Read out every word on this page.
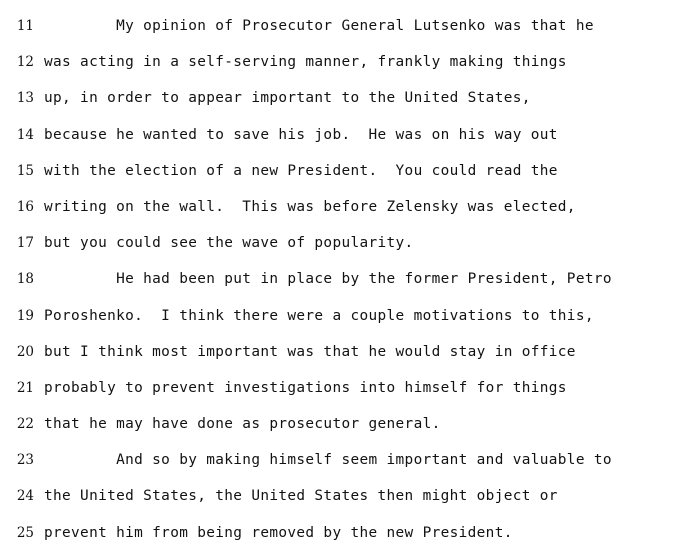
11 My opinion of Prosecutor General Lutsenko was that he
12 was acting in a self-serving manner, frankly making things
13 up, in order to appear important to the United States,
14 because he wanted to save his job.  He was on his way out
15 with the election of a new President.  You could read the
16 writing on the wall.  This was before Zelensky was elected,
17 but you could see the wave of popularity.
18 He had been put in place by the former President, Petro
19 Poroshenko.  I think there were a couple motivations to this,
20 but I think most important was that he would stay in office
21 probably to prevent investigations into himself for things
22 that he may have done as prosecutor general.
23 And so by making himself seem important and valuable to
24 the United States, the United States then might object or
25 prevent him from being removed by the new President.
